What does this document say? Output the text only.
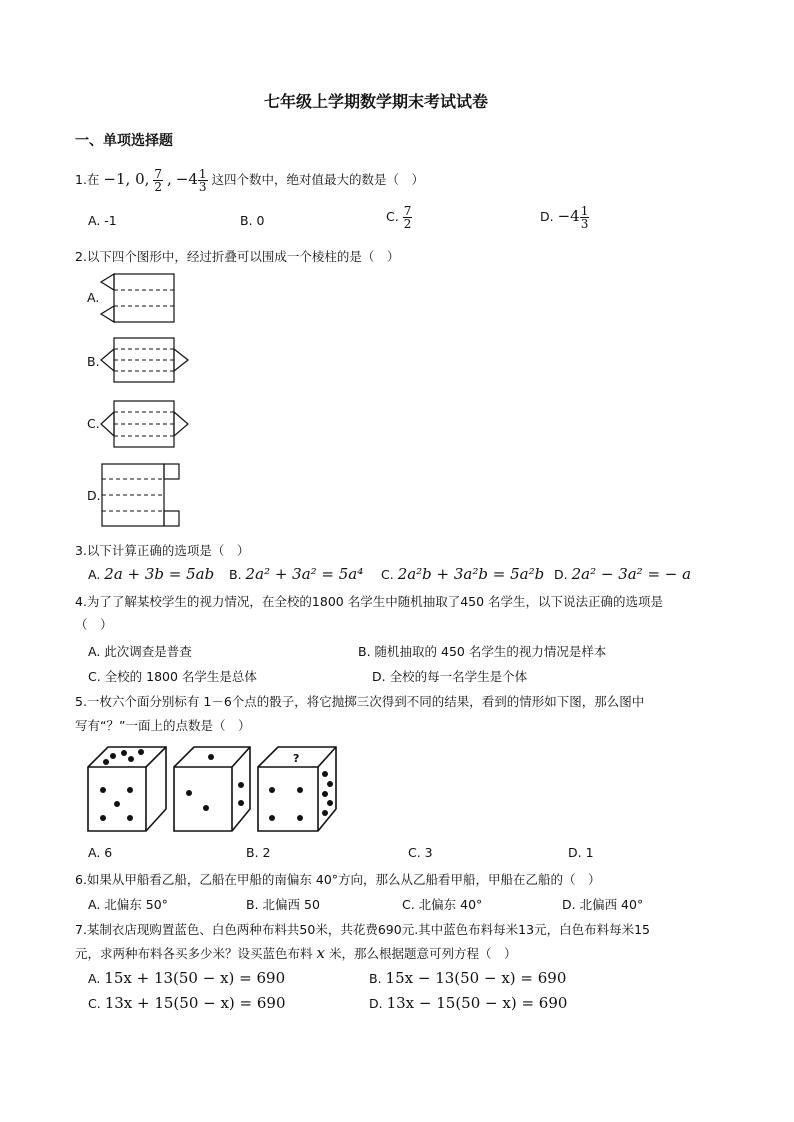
七年级上学期数学期末考试试卷
一、单项选择题
1.在 −1, 0, $\frac{7}{2}$ , $-4 \frac{1}{3}$ 这四个数中，绝对值最大的数是（　）
A. -1	B. 0	C. $\frac{7}{2}$	D. $-4 \frac{1}{3}$
2.以下四个图形中，经过折叠可以围成一个棱柱的是（　）
A.
B.
C.
D.
3.以下计算正确的选项是（　）
A. 2a + 3b = 5ab B. 2a² + 3a² = 5a⁴ C. 2a²b + 3a²b = 5a²b D. 2a² − 3a² = − a
4.为了了解某校学生的视力情况，在全校的1800 名学生中随机抽取了450 名学生，以下说法正确的选项是
（　）
A. 此次调查是普查	B. 随机抽取的 450 名学生的视力情况是样本
C. 全校的 1800 名学生是总体	D. 全校的每一名学生是个体
5.一枚六个面分别标有 1－6个点的骰子，将它抛掷三次得到不同的结果，看到的情形如下图，那么图中
写有“？”一面上的点数是（　）
?
A. 6	B. 2	C. 3	D. 1
6.如果从甲船看乙船，乙船在甲船的南偏东 40°方向，那么从乙船看甲船，甲船在乙船的（　）
A. 北偏东 50°	B. 北偏西 50	C. 北偏东 40°	D. 北偏西 40°
7.某制衣店现购置蓝色、白色两种布料共50米，共花费690元.其中蓝色布料每米13元，白色布料每米15
元，求两种布料各买多少米？设买蓝色布料 x 米，那么根据题意可列方程（　）
A. 15x + 13(50 − x) = 690	B. 15x − 13(50 − x) = 690
C. 13x + 15(50 − x) = 690	D. 13x − 15(50 − x) = 690
